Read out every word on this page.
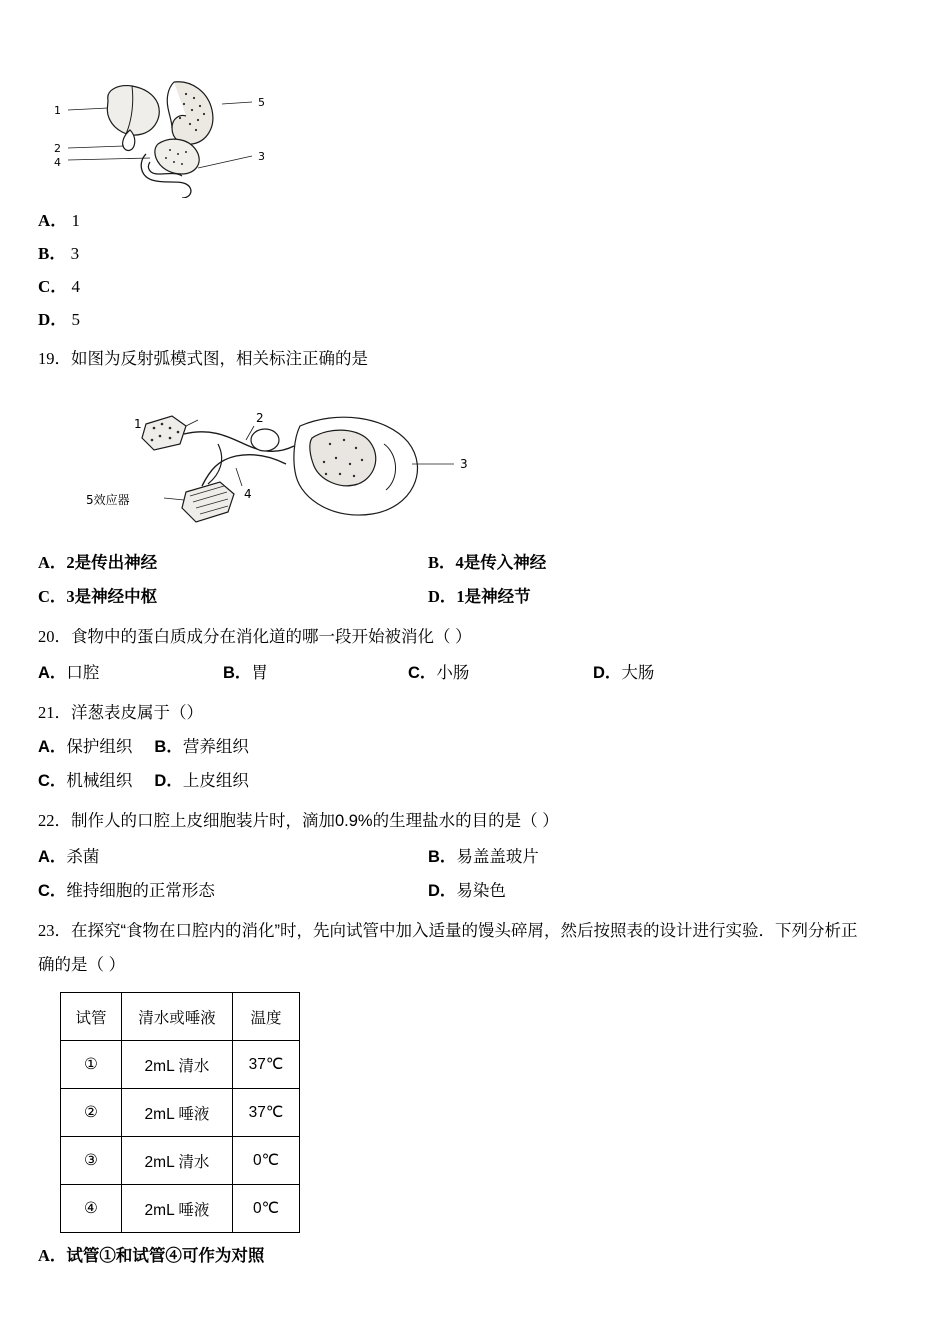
1
2
4
5
3
A． 1
B． 3
C． 4
D． 5
19．如图为反射弧模式图，相关标注正确的是
1	2
4
3
5效应器
A．2是传出神经	B．4是传入神经
C．3是神经中枢	D．1是神经节
20．食物中的蛋白质成分在消化道的哪一段开始被消化（ ）
A．口腔	B．胃	C．小肠	D．大肠
21．洋葱表皮属于（）
A．保护组织 B．营养组织
C．机械组织 D．上皮组织
22．制作人的口腔上皮细胞装片时，滴加0.9%的生理盐水的目的是（ ）
A．杀菌	B．易盖盖玻片
C．维持细胞的正常形态	D．易染色
23．在探究“食物在口腔内的消化”时，先向试管中加入适量的馒头碎屑，然后按照表的设计进行实验．下列分析正
确的是（ ）
试管	清水或唾液	温度
①	2mL 清水	37℃
②	2mL 唾液	37℃
③	2mL 清水	0℃
④	2mL 唾液	0℃
A．试管①和试管④可作为对照
